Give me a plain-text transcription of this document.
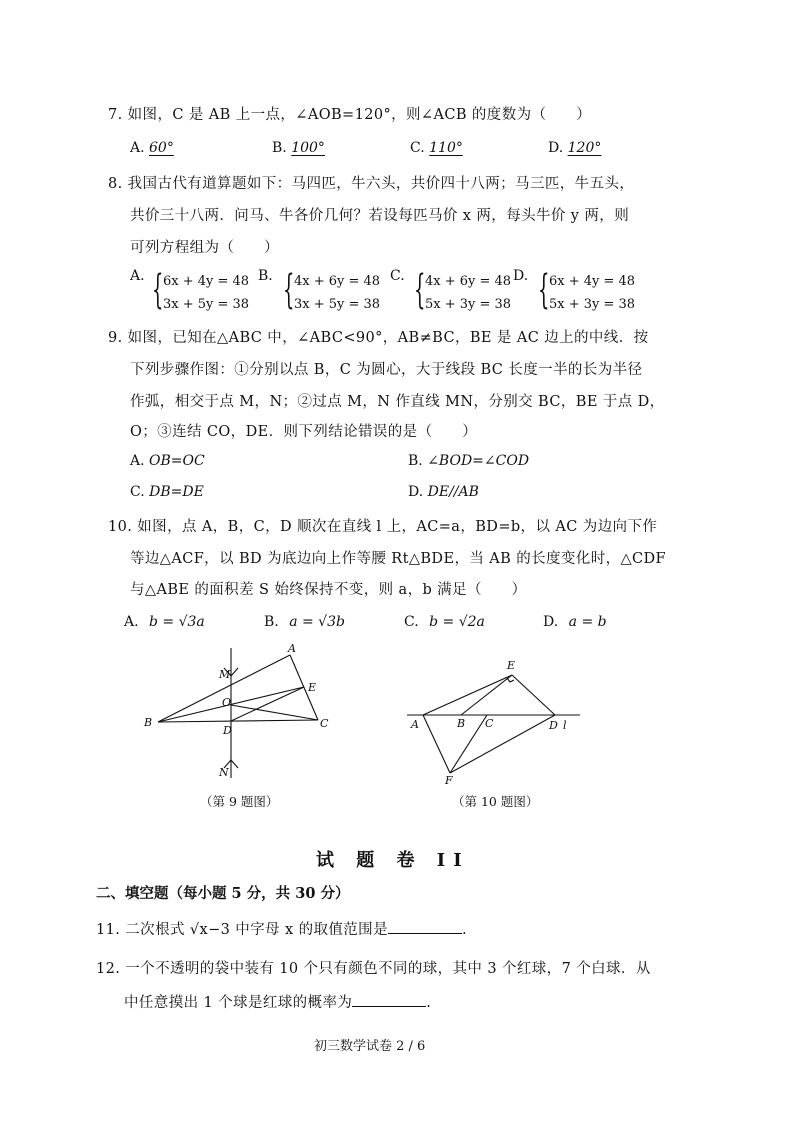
7. 如图，C 是 AB 上一点，∠AOB=120°，则∠ACB 的度数为（　　）
A. 60°	B. 100°	C. 110°	D. 120°
8. 我国古代有道算题如下：马四匹，牛六头，共价四十八两；马三匹，牛五头，
共价三十八两．问马、牛各价几何？若设每匹马价 x 两，每头牛价 y 两，则
可列方程组为（　　）
A. { 6x + 4y = 48
3x + 5y = 38
B. { 4x + 6y = 48
3x + 5y = 38
C. { 4x + 6y = 48
5x + 3y = 38
D. { 6x + 4y = 48
5x + 3y = 38
9. 如图，已知在△ABC 中，∠ABC<90°，AB≠BC，BE 是 AC 边上的中线．按
下列步骤作图：①分别以点 B，C 为圆心，大于线段 BC 长度一半的长为半径
作弧，相交于点 M，N；②过点 M，N 作直线 MN，分别交 BC，BE 于点 D，
O；③连结 CO，DE．则下列结论错误的是（　　）
A. OB=OC	B. ∠BOD=∠COD
C. DB=DE	D. DE//AB
10. 如图，点 A，B，C，D 顺次在直线 l 上，AC=a，BD=b，以 AC 为边向下作
等边△ACF，以 BD 为底边向上作等腰 Rt△BDE，当 AB 的长度变化时，△CDF
与△ABE 的面积差 S 始终保持不变，则 a，b 满足（　　）
A. b = √3a	B. a = √3b	C. b = √2a	D. a = b
A
B	C
D
E
M
N
O
（第 9 题图）
E
A	B C	D l
F
（第 10 题图）
试 题 卷 II
二、填空题（每小题 5 分，共 30 分）
11. 二次根式 √x−3 中字母 x 的取值范围是	.
12. 一个不透明的袋中装有 10 个只有颜色不同的球，其中 3 个红球，7 个白球．从
中任意摸出 1 个球是红球的概率为	.
初三数学试卷 2 / 6
